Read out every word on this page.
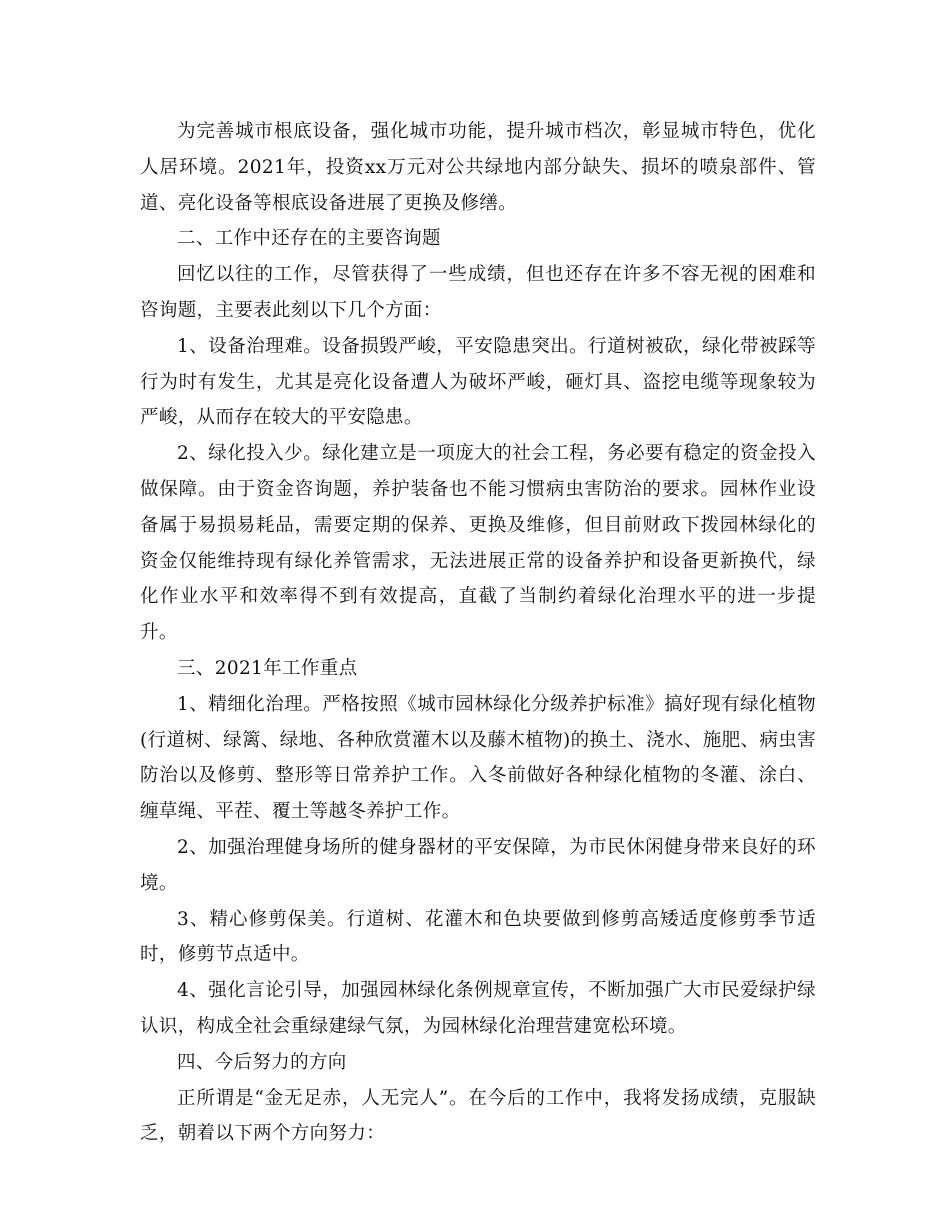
为完善城市根底设备，强化城市功能，提升城市档次，彰显城市特色，优化人居环境。2021年，投资xx万元对公共绿地内部分缺失、损坏的喷泉部件、管道、亮化设备等根底设备进展了更换及修缮。

二、工作中还存在的主要咨询题

回忆以往的工作，尽管获得了一些成绩，但也还存在许多不容无视的困难和咨询题，主要表此刻以下几个方面：

1、设备治理难。设备损毁严峻，平安隐患突出。行道树被砍，绿化带被踩等行为时有发生，尤其是亮化设备遭人为破坏严峻，砸灯具、盗挖电缆等现象较为严峻，从而存在较大的平安隐患。

2、绿化投入少。绿化建立是一项庞大的社会工程，务必要有稳定的资金投入做保障。由于资金咨询题，养护装备也不能习惯病虫害防治的要求。园林作业设备属于易损易耗品，需要定期的保养、更换及维修，但目前财政下拨园林绿化的资金仅能维持现有绿化养管需求，无法进展正常的设备养护和设备更新换代，绿化作业水平和效率得不到有效提高，直截了当制约着绿化治理水平的进一步提升。

三、2021年工作重点

1、精细化治理。严格按照《城市园林绿化分级养护标准》搞好现有绿化植物(行道树、绿篱、绿地、各种欣赏灌木以及藤木植物)的换土、浇水、施肥、病虫害防治以及修剪、整形等日常养护工作。入冬前做好各种绿化植物的冬灌、涂白、缠草绳、平茬、覆土等越冬养护工作。

2、加强治理健身场所的健身器材的平安保障，为市民休闲健身带来良好的环境。

3、精心修剪保美。行道树、花灌木和色块要做到修剪高矮适度修剪季节适时，修剪节点适中。

4、强化言论引导，加强园林绿化条例规章宣传，不断加强广大市民爱绿护绿认识，构成全社会重绿建绿气氛，为园林绿化治理营建宽松环境。

四、今后努力的方向

正所谓是“金无足赤，人无完人”。在今后的工作中，我将发扬成绩，克服缺乏，朝着以下两个方向努力：
